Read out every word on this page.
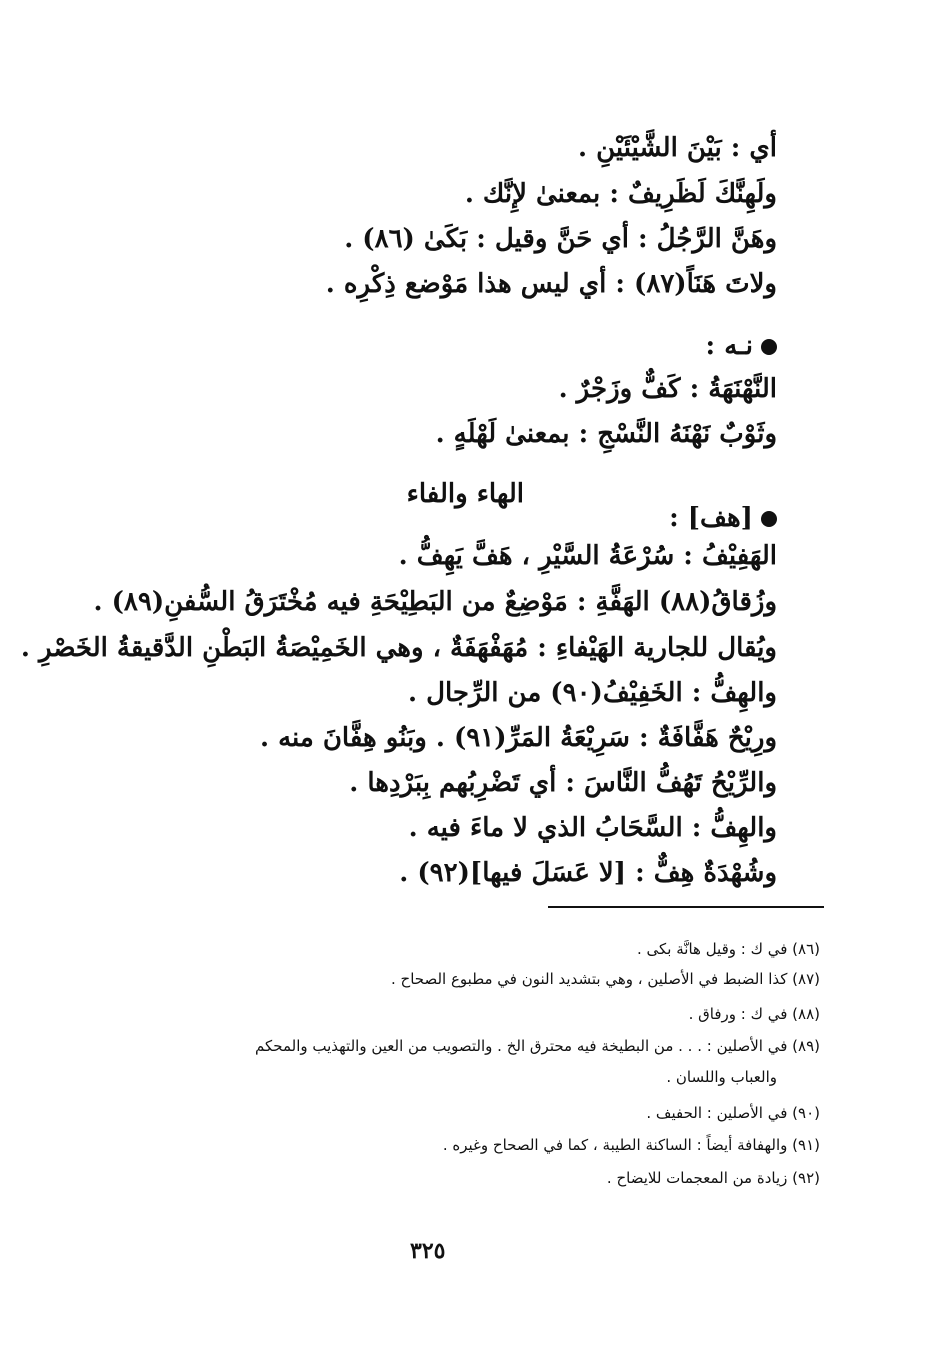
أي : بَيْنَ الشَّيْئَيْنِ .
ولَهِنَّكَ لَظَرِيفٌ : بمعنىٰ لإِنَّك .
وهَنَّ الرَّجُلُ : أي حَنَّ وقيل : بَكَىٰ (٨٦) .
ولاتَ هَنَاً(٨٧) : أي ليس هذا مَوْضع ذِكْرِه .
نـه :
النَّهْنَهَةُ : كَفٌّ وزَجْرٌ .
وثَوْبٌ نَهْنَهُ النَّسْجِ : بمعنىٰ لَهْلَهٍ .
الهاء والفاء
[هف] :
الهَفِيْفُ : سُرْعَةُ السَّيْرِ ، هَفَّ يَهِفُّ .
وزُقاقُ(٨٨) الهَفَّةِ : مَوْضِعٌ من البَطِيْحَةِ فيه مُخْتَرَقُ السُّفنِ(٨٩) .
ويُقال للجارية الهَيْفاءِ : مُهَفْهَفَةٌ ، وهي الخَمِيْصَةُ البَطْنِ الدَّقيقةُ الخَصْرِ .
والهِفُّ : الخَفِيْفُ(٩٠) من الرِّجال .
ورِيْحٌ هَفَّافَةٌ : سَرِيْعَةُ المَرِّ(٩١) . وبَنُو هِفَّانَ منه .
والرِّيْحُ تَهُفُّ النَّاسَ : أي تَضْرِبُهم بِبَرْدِها .
والهِفُّ : السَّحَابُ الذي لا ماءَ فيه .
وشُهْدَةٌ هِفٌّ : [لا عَسَلَ فيها](٩٢) .
(٨٦) في ك : وقيل هانَّة بكى .
(٨٧) كذا الضبط في الأصلين ، وهي بتشديد النون في مطبوع الصحاح .
(٨٨) في ك : ورفاق .
(٨٩) في الأصلين : . . . من البطيخة فيه محترق الخ . والتصويب من العين والتهذيب والمحكم
والعباب واللسان .
(٩٠) في الأصلين : الحفيف .
(٩١) والهفافة أيضاً : الساكنة الطيبة ، كما في الصحاح وغيره .
(٩٢) زيادة من المعجمات للايضاح .
٣٢٥
